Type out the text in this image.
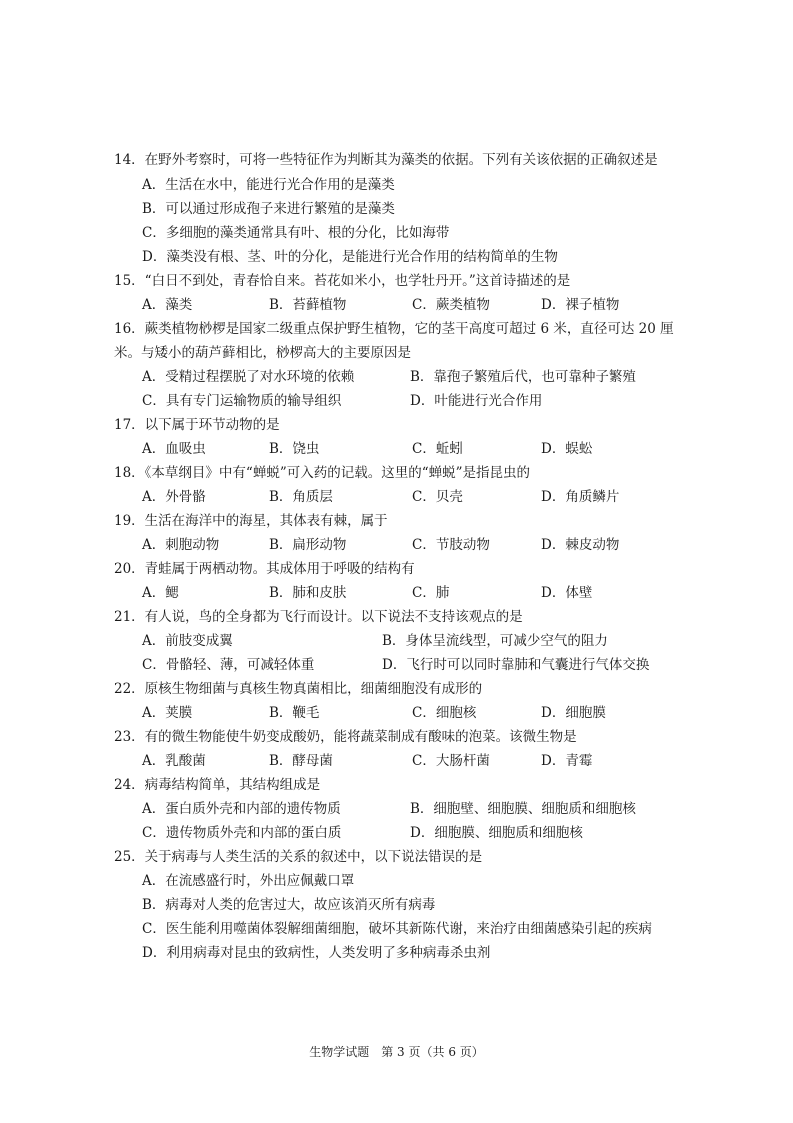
14．在野外考察时，可将一些特征作为判断其为藻类的依据。下列有关该依据的正确叙述是
A．生活在水中，能进行光合作用的是藻类
B．可以通过形成孢子来进行繁殖的是藻类
C．多细胞的藻类通常具有叶、根的分化，比如海带
D．藻类没有根、茎、叶的分化，是能进行光合作用的结构简单的生物
15．“白日不到处，青春恰自来。苔花如米小，也学牡丹开。”这首诗描述的是
A．藻类	B．苔藓植物	C．蕨类植物	D．裸子植物
16．蕨类植物桫椤是国家二级重点保护野生植物，它的茎干高度可超过 6 米，直径可达 20 厘
米。与矮小的葫芦藓相比，桫椤高大的主要原因是
A．受精过程摆脱了对水环境的依赖	B．靠孢子繁殖后代，也可靠种子繁殖
C．具有专门运输物质的输导组织	D．叶能进行光合作用
17．以下属于环节动物的是
A．血吸虫	B．饶虫	C．蚯蚓	D．蜈蚣
18．《本草纲目》中有“蝉蜕”可入药的记载。这里的“蝉蜕”是指昆虫的
A．外骨骼	B．角质层	C．贝壳	D．角质鳞片
19．生活在海洋中的海星，其体表有棘，属于
A．刺胞动物	B．扁形动物	C．节肢动物	D．棘皮动物
20．青蛙属于两栖动物。其成体用于呼吸的结构有
A．鳃	B．肺和皮肤	C．肺	D．体壁
21．有人说，鸟的全身都为飞行而设计。以下说法不支持该观点的是
A．前肢变成翼	B．身体呈流线型，可减少空气的阻力
C．骨骼轻、薄，可减轻体重	D．飞行时可以同时靠肺和气囊进行气体交换
22．原核生物细菌与真核生物真菌相比，细菌细胞没有成形的
A．荚膜	B．鞭毛	C．细胞核	D．细胞膜
23．有的微生物能使牛奶变成酸奶，能将蔬菜制成有酸味的泡菜。该微生物是
A．乳酸菌	B．酵母菌	C．大肠杆菌	D．青霉
24．病毒结构简单，其结构组成是
A．蛋白质外壳和内部的遗传物质	B．细胞壁、细胞膜、细胞质和细胞核
C．遗传物质外壳和内部的蛋白质	D．细胞膜、细胞质和细胞核
25．关于病毒与人类生活的关系的叙述中，以下说法错误的是
A．在流感盛行时，外出应佩戴口罩
B．病毒对人类的危害过大，故应该消灭所有病毒
C．医生能利用噬菌体裂解细菌细胞，破坏其新陈代谢，来治疗由细菌感染引起的疾病
D．利用病毒对昆虫的致病性，人类发明了多种病毒杀虫剂
生物学试题　第 3 页（共 6 页）
